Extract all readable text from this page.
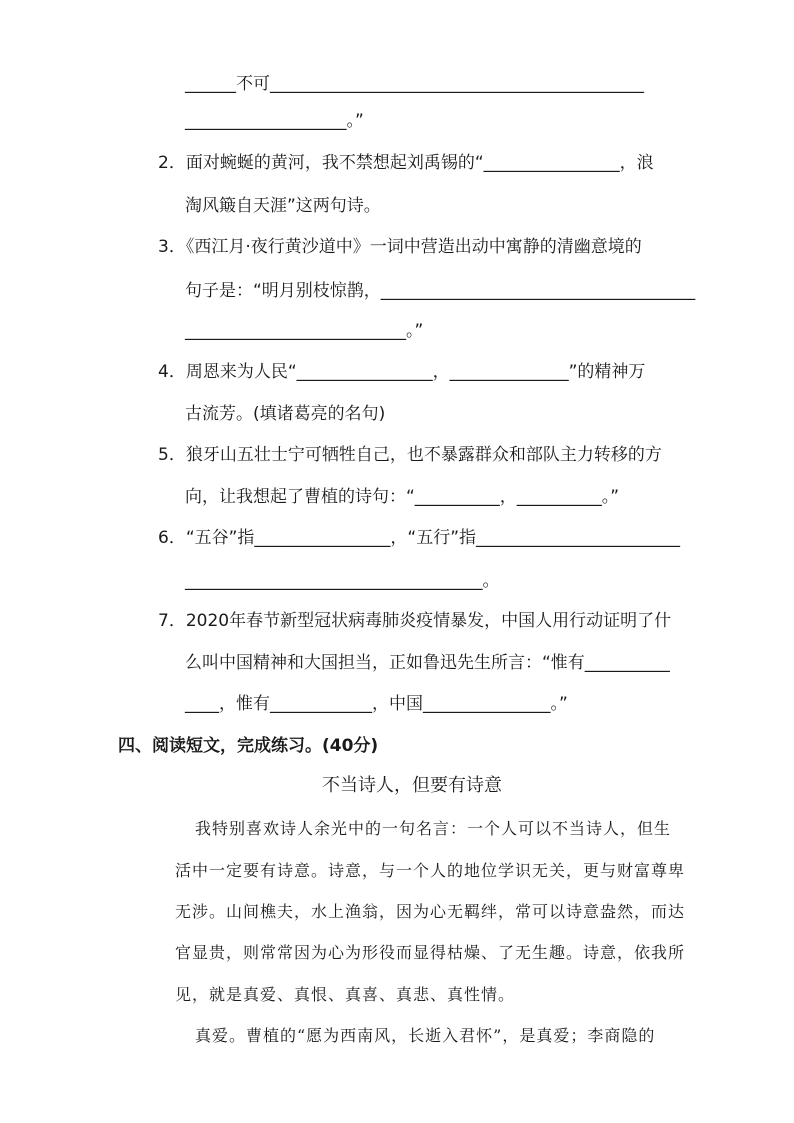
______不可____________________________________________
___________________。”
2．面对蜿蜒的黄河，我不禁想起刘禹锡的“________________，浪
淘风簸自天涯”这两句诗。
3．《西江月·夜行黄沙道中》一词中营造出动中寓静的清幽意境的
句子是：“明月别枝惊鹊，_____________________________________
__________________________。”
4．周恩来为人民“________________，______________”的精神万
古流芳。(填诸葛亮的名句)
5．狼牙山五壮士宁可牺牲自己，也不暴露群众和部队主力转移的方
向，让我想起了曹植的诗句：“__________，__________。”
6．“五谷”指________________，“五行”指________________________
___________________________________。
7．2020年春节新型冠状病毒肺炎疫情暴发，中国人用行动证明了什
么叫中国精神和大国担当，正如鲁迅先生所言：“惟有__________
____，惟有____________，中国_______________。”
四、阅读短文，完成练习。(40分)
不当诗人，但要有诗意
我特别喜欢诗人余光中的一句名言：一个人可以不当诗人，但生
活中一定要有诗意。诗意，与一个人的地位学识无关，更与财富尊卑
无涉。山间樵夫，水上渔翁，因为心无羁绊，常可以诗意盎然，而达
官显贵，则常常因为心为形役而显得枯燥、了无生趣。诗意，依我所
见，就是真爱、真恨、真喜、真悲、真性情。
真爱。曹植的“愿为西南风，长逝入君怀”，是真爱；李商隐的
